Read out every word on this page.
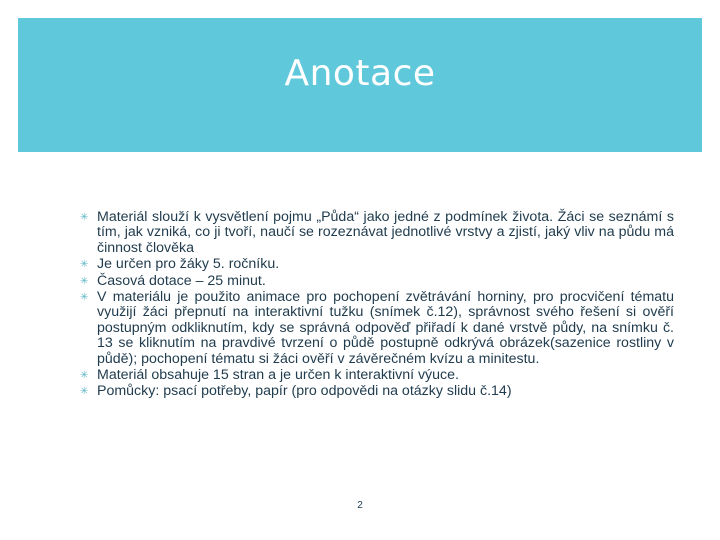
Anotace
✳ Materiál slouží k vysvětlení pojmu „Půda“ jako jedné z podmínek života. Žáci se seznámí s tím, jak vzniká, co ji tvoří, naučí se rozeznávat jednotlivé vrstvy a zjistí, jaký vliv na půdu má činnost člověka
✳ Je určen pro žáky 5. ročníku.
✳ Časová dotace – 25 minut.
✳ V materiálu je použito animace pro pochopení zvětrávání horniny, pro procvičení tématu využijí žáci přepnutí na interaktivní tužku (snímek č.12), správnost svého řešení si ověří postupným odkliknutím, kdy se správná odpověď přiřadí k dané vrstvě půdy, na snímku č. 13 se kliknutím na pravdivé tvrzení o půdě postupně odkrývá obrázek(sazenice rostliny v půdě); pochopení tématu si žáci ověří v závěrečném kvízu a minitestu.
✳ Materiál obsahuje 15 stran a je určen k interaktivní výuce.
✳ Pomůcky: psací potřeby, papír (pro odpovědi na otázky slidu č.14)
2
